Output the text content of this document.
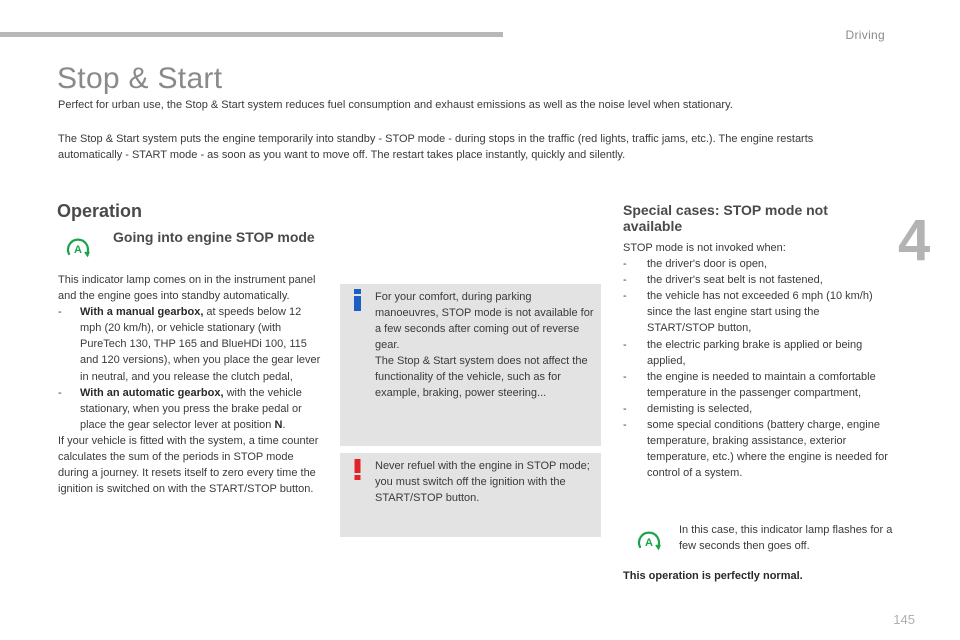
Driving
4
Stop & Start

Perfect for urban use, the Stop & Start system reduces fuel consumption and exhaust emissions as well as the noise level when stationary.

The Stop & Start system puts the engine temporarily into standby - STOP mode - during stops in the traffic (red lights, traffic jams, etc.). The engine restarts automatically - START mode - as soon as you want to move off. The restart takes place instantly, quickly and silently.

Operation
A
Going into engine STOP mode

This indicator lamp comes on in the instrument panel and the engine goes into standby automatically.

- With a manual gearbox, at speeds below 12 mph (20 km/h), or vehicle stationary (with PureTech 130, THP 165 and BlueHDi 100, 115 and 120 versions), when you place the gear lever in neutral, and you release the clutch pedal,
- With an automatic gearbox, with the vehicle stationary, when you press the brake pedal or place the gear selector lever at position N.

If your vehicle is fitted with the system, a time counter calculates the sum of the periods in STOP mode during a journey. It resets itself to zero every time the ignition is switched on with the START/STOP button.

For your comfort, during parking manoeuvres, STOP mode is not available for a few seconds after coming out of reverse gear.

The Stop & Start system does not affect the functionality of the vehicle, such as for example, braking, power steering...

Never refuel with the engine in STOP mode; you must switch off the ignition with the START/STOP button.

Special cases: STOP mode not available

STOP mode is not invoked when:

- the driver's door is open,
- the driver's seat belt is not fastened,
- the vehicle has not exceeded 6 mph (10 km/h) since the last engine start using the START/STOP button,
- the electric parking brake is applied or being applied,
- the engine is needed to maintain a comfortable temperature in the passenger compartment,
- demisting is selected,
- some special conditions (battery charge, engine temperature, braking assistance, exterior temperature, etc.) where the engine is needed for control of a system.
A

In this case, this indicator lamp flashes for a few seconds then goes off.

This operation is perfectly normal.

145
